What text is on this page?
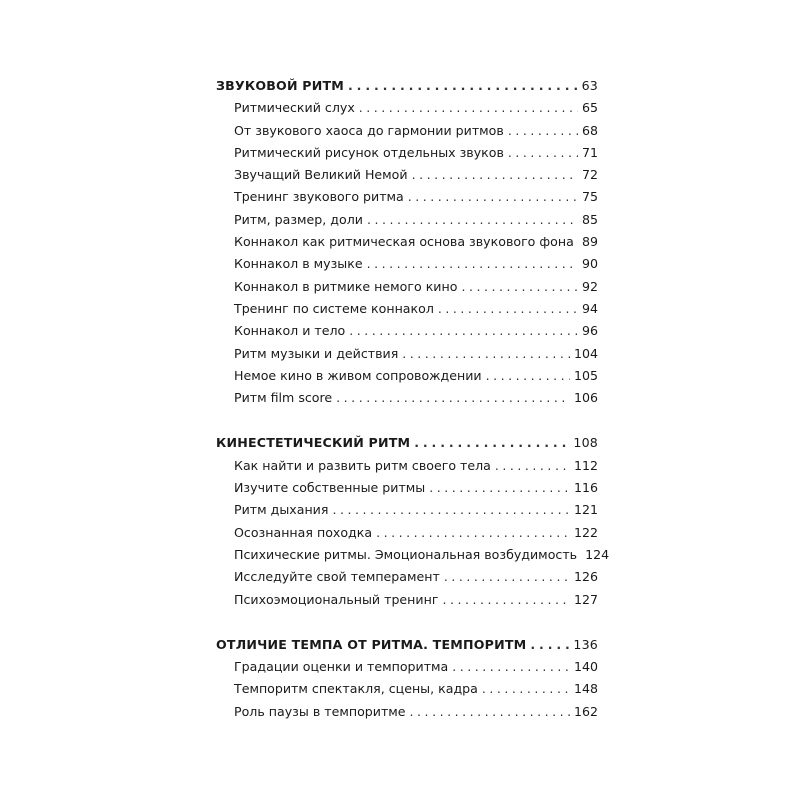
ЗВУКОВОЙ РИТМ . . .	63
Ритмический слух . . .	65
От звукового хаоса до гармонии ритмов . . .	68
Ритмический рисунок отдельных звуков . . .	71
Звучащий Великий Немой . . .	72
Тренинг звукового ритма . . .	75
Ритм, размер, доли . . .	85
Коннакол как ритмическая основа звукового фона . . . 89
Коннакол в музыке . . .	90
Коннакол в ритмике немого кино . . .	92
Тренинг по системе коннакол . . .	94
Коннакол и тело . . .	96
Ритм музыки и действия . . .	104
Немое кино в живом сопровождении . . .	105
Ритм film score . . .	106
КИНЕСТЕТИЧЕСКИЙ РИТМ . . .	108
Как найти и развить ритм своего тела . . .	112
Изучите собственные ритмы . . .	116
Ритм дыхания . . .	121
Осознанная походка . . .	122
Психические ритмы. Эмоциональная возбудимость 124
Исследуйте свой темперамент . . .	126
Психоэмоциональный тренинг . . .	127
ОТЛИЧИЕ ТЕМПА ОТ РИТМА. ТЕМПОРИТМ . . .	136
Градации оценки и темпоритма . . .	140
Темпоритм спектакля, сцены, кадра . . .	148
Роль паузы в темпоритме . . .	162
